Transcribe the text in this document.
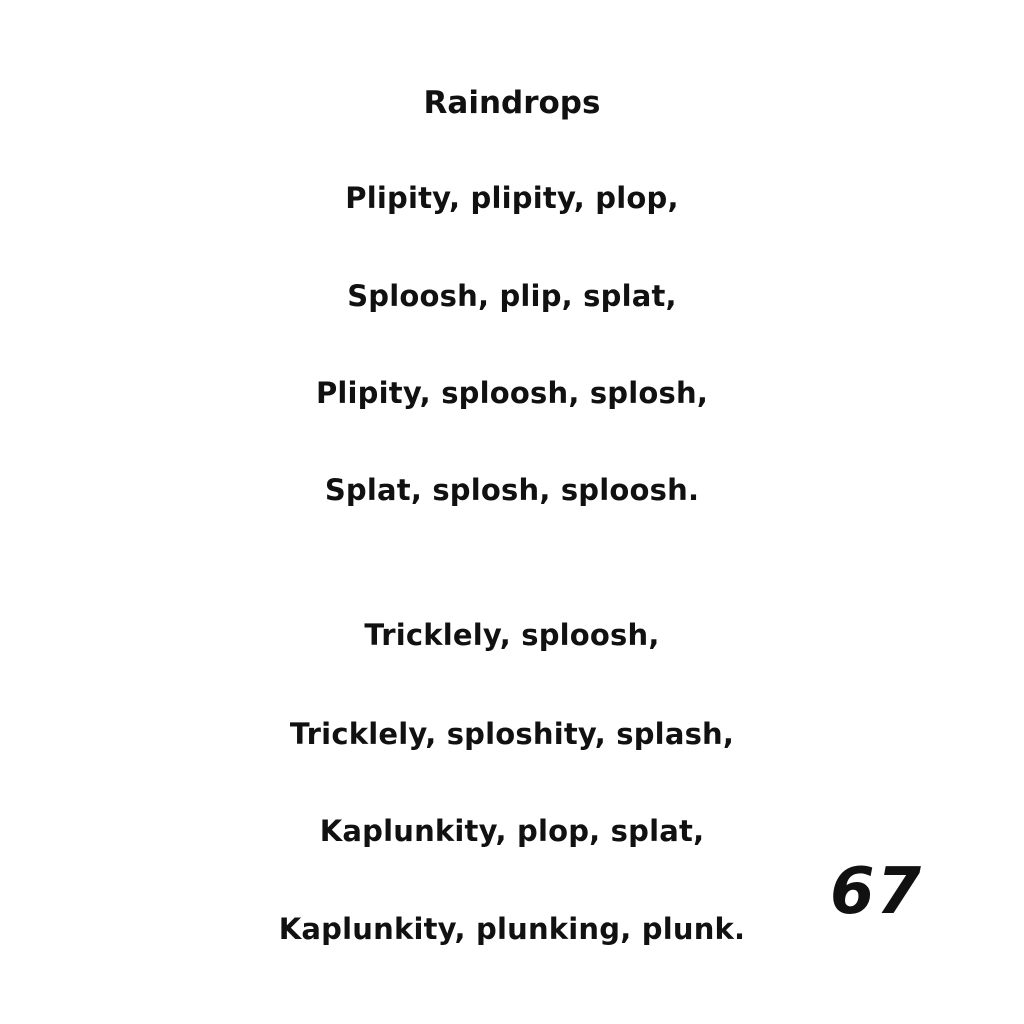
Raindrops
Plipity, plipity, plop,
Sploosh, plip, splat,
Plipity, sploosh, splosh,
Splat, splosh, sploosh.
Tricklely, sploosh,
Tricklely, sploshity, splash,
Kaplunkity, plop, splat,
Kaplunkity, plunking, plunk.	67
